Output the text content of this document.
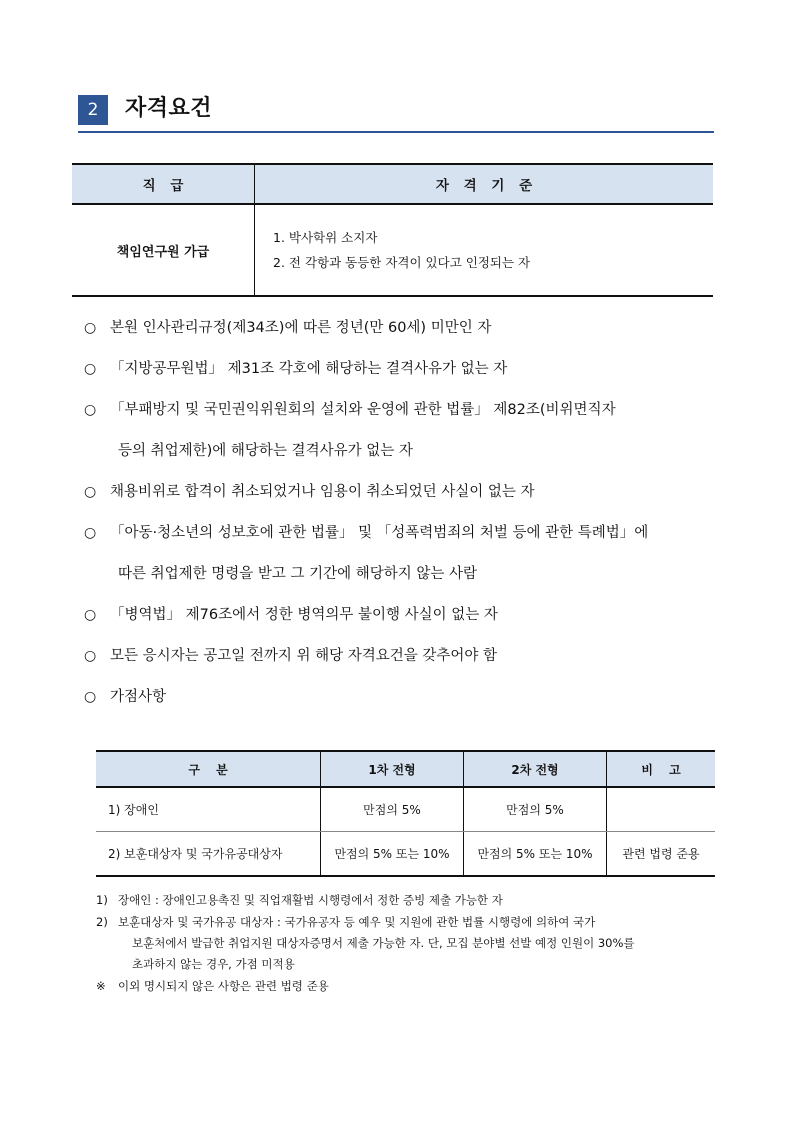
2	자격요건
직 급	자 격 기 준
책임연구원 가급	1. 박사학위 소지자
2. 전 각항과 동등한 자격이 있다고 인정되는 자
○ 본원 인사관리규정(제34조)에 따른 정년(만 60세) 미만인 자
○ 「지방공무원법」 제31조 각호에 해당하는 결격사유가 없는 자
○ 「부패방지 및 국민권익위원회의 설치와 운영에 관한 법률」 제82조(비위면직자
등의 취업제한)에 해당하는 결격사유가 없는 자
○ 채용비위로 합격이 취소되었거나 임용이 취소되었던 사실이 없는 자
○ 「아동·청소년의 성보호에 관한 법률」 및 「성폭력범죄의 처벌 등에 관한 특례법」에
따른 취업제한 명령을 받고 그 기간에 해당하지 않는 사람
○ 「병역법」 제76조에서 정한 병역의무 불이행 사실이 없는 자
○ 모든 응시자는 공고일 전까지 위 해당 자격요건을 갖추어야 함
○ 가점사항
구 분	1차 전형	2차 전형	비 고
1) 장애인	만점의 5%	만점의 5%	
2) 보훈대상자 및 국가유공대상자	만점의 5% 또는 10%	만점의 5% 또는 10%	관련 법령 준용
1) 장애인 : 장애인고용촉진 및 직업재활법 시행령에서 정한 증빙 제출 가능한 자
2) 보훈대상자 및 국가유공 대상자 : 국가유공자 등 예우 및 지원에 관한 법률 시행령에 의하여 국가
보훈처에서 발급한 취업지원 대상자증명서 제출 가능한 자. 단, 모집 분야별 선발 예정 인원이 30%를
초과하지 않는 경우, 가점 미적용
※ 이외 명시되지 않은 사항은 관련 법령 준용
